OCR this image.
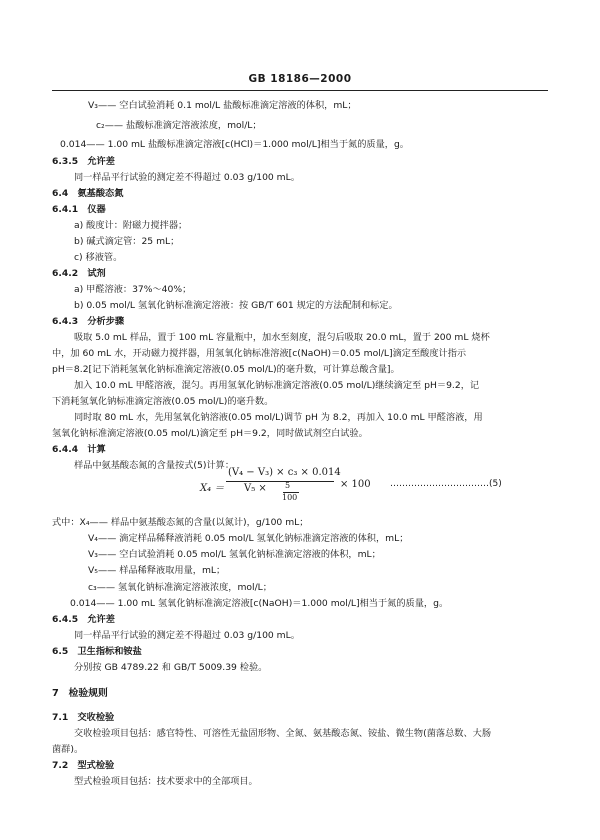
GB 18186—2000
V₃—— 空白试验消耗 0.1 mol/L 盐酸标准滴定溶液的体积，mL；
c₂—— 盐酸标准滴定溶液浓度，mol/L；
0.014—— 1.00 mL 盐酸标准滴定溶液[c(HCl)＝1.000 mol/L]相当于氮的质量，g。
6.3.5　允许差
同一样品平行试验的测定差不得超过 0.03 g/100 mL。
6.4　氨基酸态氮
6.4.1　仪器
a) 酸度计：附磁力搅拌器；
b) 碱式滴定管：25 mL；
c) 移液管。
6.4.2　试剂
a) 甲醛溶液：37%～40%；
b) 0.05 mol/L 氢氧化钠标准滴定溶液：按 GB/T 601 规定的方法配制和标定。
6.4.3　分析步骤
吸取 5.0 mL 样品，置于 100 mL 容量瓶中，加水至刻度，混匀后吸取 20.0 mL，置于 200 mL 烧杯
中，加 60 mL 水，开动磁力搅拌器，用氢氧化钠标准溶液[c(NaOH)＝0.05 mol/L]滴定至酸度计指示
pH＝8.2[记下消耗氢氧化钠标准滴定溶液(0.05 mol/L)的毫升数，可计算总酸含量]。
加入 10.0 mL 甲醛溶液，混匀。再用氢氧化钠标准滴定溶液(0.05 mol/L)继续滴定至 pH＝9.2，记
下消耗氢氧化钠标准滴定溶液(0.05 mol/L)的毫升数。
同时取 80 mL 水，先用氢氧化钠溶液(0.05 mol/L)调节 pH 为 8.2，再加入 10.0 mL 甲醛溶液，用
氢氧化钠标准滴定溶液(0.05 mol/L)滴定至 pH＝9.2，同时做试剂空白试验。
6.4.4　计算
样品中氨基酸态氮的含量按式(5)计算：
式中：X₄—— 样品中氨基酸态氮的含量(以氮计)，g/100 mL；
V₄—— 滴定样品稀释液消耗 0.05 mol/L 氢氧化钠标准滴定溶液的体积，mL；
V₃—— 空白试验消耗 0.05 mol/L 氢氧化钠标准滴定溶液的体积，mL；
V₅—— 样品稀释液取用量，mL；
c₃—— 氢氧化钠标准滴定溶液浓度，mol/L；
0.014—— 1.00 mL 氢氧化钠标准滴定溶液[c(NaOH)＝1.000 mol/L]相当于氮的质量，g。
6.4.5　允许差
同一样品平行试验的测定差不得超过 0.03 g/100 mL。
6.5　卫生指标和铵盐
分别按 GB 4789.22 和 GB/T 5009.39 检验。
7　检验规则
7.1　交收检验
交收检验项目包括：感官特性、可溶性无盐固形物、全氮、氨基酸态氮、铵盐、微生物(菌落总数、大肠
菌群)。
7.2　型式检验
型式检验项目包括：技术要求中的全部项目。
X₄ ＝
(V₄ − V₃) × c₃ × 0.014
V₅ × 5
100
× 100 ……………………………(5)
